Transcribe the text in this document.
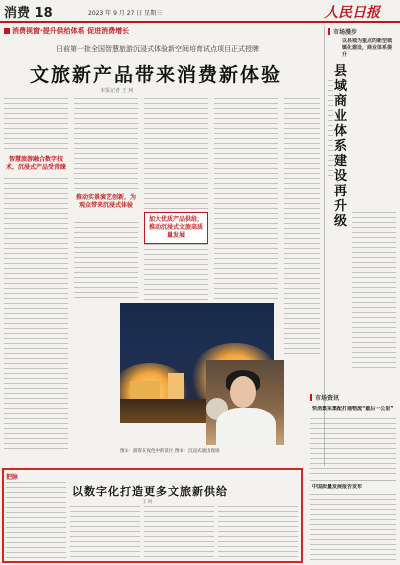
消费 18	2023 年 9 月 27 日 星期三	人民日报
消费视窗·提升供给体系 促进消费增长
日前第一批全国智慧旅游沉浸式体验新空间培育试点项目正式授牌
文旅新产品带来消费新体验
本报记者 王 珂
智慧旅游融合数字技术，沉浸式产品受青睐
推动实景演艺创新，为观众带来沉浸式体验
加大优质产品供给，推动沉浸式文旅高质量发展
图①：游客在夜色中的景区 图②：沉浸式演出现场
市场漫步
以县城为重点的新型城镇化建设，商业体系提升
县域商业体系建设再升级
市场资讯
快消集采集配打通物流“最后一公里”
中国质量发展报告发布
把脉
以数字化打造更多文旅新供给
王 珂
